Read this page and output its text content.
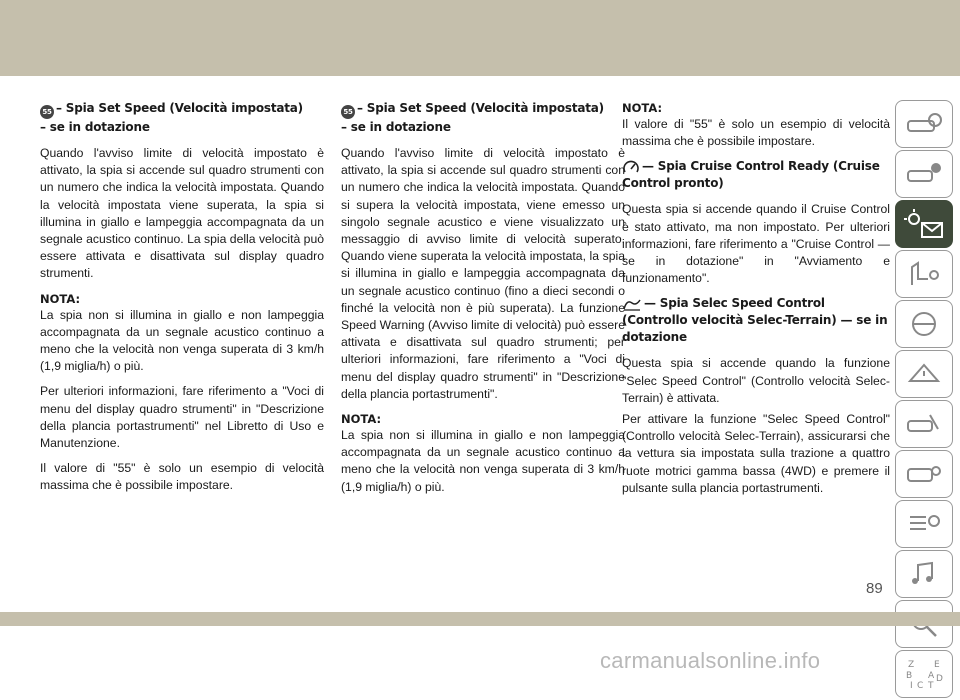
55 – Spia Set Speed (Velocità impostata)
– se in dotazione

Quando l'avviso limite di velocità impostato è attivato, la spia si accende sul quadro strumenti con un numero che indica la velocità impostata. Quando la velocità impostata viene superata, la spia si illumina in giallo e lampeggia accompagnata da un segnale acustico continuo. La spia della velocità può essere attivata e disattivata sul display quadro strumenti.

NOTA:

La spia non si illumina in giallo e non lampeggia accompagnata da un segnale acustico continuo a meno che la velocità non venga superata di 3 km/h (1,9 miglia/h) o più.

Per ulteriori informazioni, fare riferimento a "Voci di menu del display quadro strumenti" in "Descrizione della plancia portastrumenti" nel Libretto di Uso e Manutenzione.

Il valore di "55" è solo un esempio di velocità massima che è possibile impostare.

55 – Spia Set Speed (Velocità impostata)
– se in dotazione

Quando l'avviso limite di velocità impostato è attivato, la spia si accende sul quadro strumenti con un numero che indica la velocità impostata. Quando si supera la velocità impostata, viene emesso un singolo segnale acustico e viene visualizzato un messaggio di avviso limite di velocità superato. Quando viene superata la velocità impostata, la spia si illumina in giallo e lampeggia accompagnata da un segnale acustico continuo (fino a dieci secondi o finché la velocità non è più superata). La funzione Speed Warning (Avviso limite di velocità) può essere attivata e disattivata sul quadro strumenti; per ulteriori informazioni, fare riferimento a "Voci di menu del display quadro strumenti" in "Descrizione della plancia portastrumenti".

NOTA:

La spia non si illumina in giallo e non lampeggia accompagnata da un segnale acustico continuo a meno che la velocità non venga superata di 3 km/h (1,9 miglia/h) o più.

NOTA:

Il valore di "55" è solo un esempio di velocità massima che è possibile impostare.

— Spia Cruise Control Ready (Cruise Control pronto)

Questa spia si accende quando il Cruise Control è stato attivato, ma non impostato. Per ulteriori informazioni, fare riferimento a "Cruise Control — se in dotazione" in "Avviamento e funzionamento".

— Spia Selec Speed Control (Controllo velocità Selec-Terrain) — se in dotazione

Questa spia si accende quando la funzione "Selec Speed Control" (Controllo velocità Selec-Terrain) è attivata.

Per attivare la funzione "Selec Speed Control" (Controllo velocità Selec-Terrain), assicurarsi che la vettura sia impostata sulla trazione a quattro ruote motrici gamma bassa (4WD) e premere il pulsante sulla plancia portastrumenti.

Z E
B A
I
D
C T
89
carmanualsonline.info
